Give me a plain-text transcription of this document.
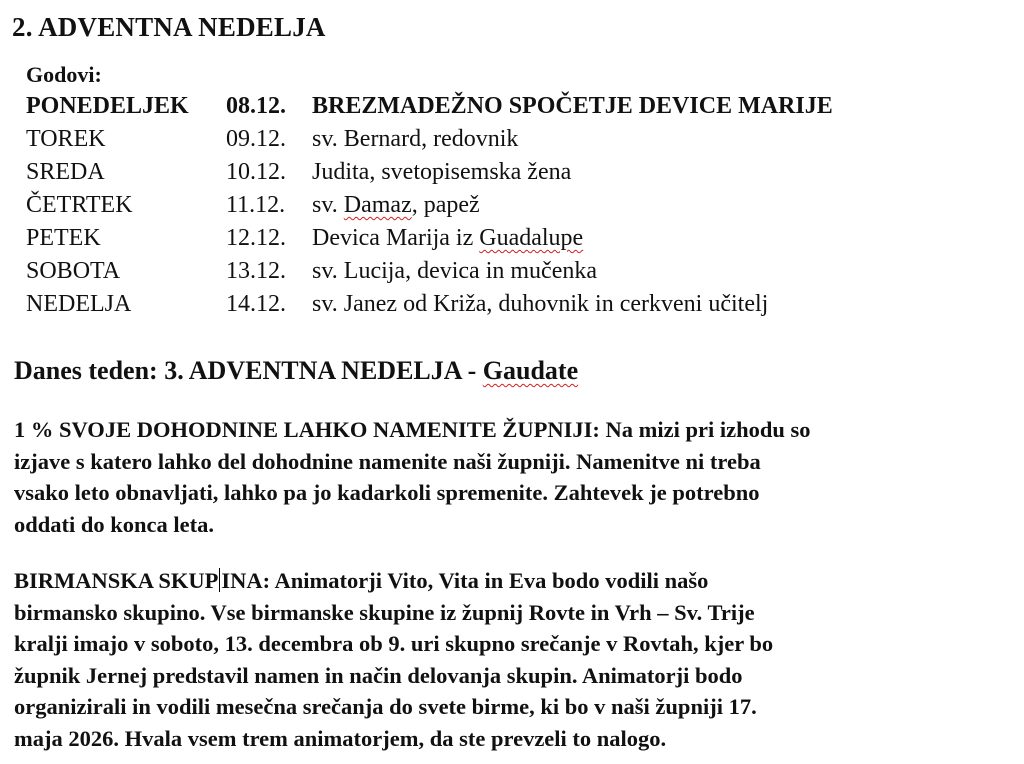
2. ADVENTNA NEDELJA
Godovi:
PONEDELJEK	08.12.	BREZMADEŽNO SPOČETJE DEVICE MARIJE
TOREK	09.12.	sv. Bernard, redovnik
SREDA	10.12.	Judita, svetopisemska žena
ČETRTEK	11.12.	sv. Damaz, papež
PETEK	12.12.	Devica Marija iz Guadalupe
SOBOTA	13.12.	sv. Lucija, devica in mučenka
NEDELJA	14.12.	sv. Janez od Križa, duhovnik in cerkveni učitelj
Danes teden: 3. ADVENTNA NEDELJA - Gaudate
1 % SVOJE DOHODNINE LAHKO NAMENITE ŽUPNIJI: Na mizi pri izhodu so
izjave s katero lahko del dohodnine namenite naši župniji. Namenitve ni treba
vsako leto obnavljati, lahko pa jo kadarkoli spremenite. Zahtevek je potrebno
oddati do konca leta.
BIRMANSKA SKUP INA: Animatorji Vito, Vita in Eva bodo vodili našo
birmansko skupino. Vse birmanske skupine iz župnij Rovte in Vrh – Sv. Trije
kralji imajo v soboto, 13. decembra ob 9. uri skupno srečanje v Rovtah, kjer bo
župnik Jernej predstavil namen in način delovanja skupin. Animatorji bodo
organizirali in vodili mesečna srečanja do svete birme, ki bo v naši župniji 17.
maja 2026. Hvala vsem trem animatorjem, da ste prevzeli to nalogo.
